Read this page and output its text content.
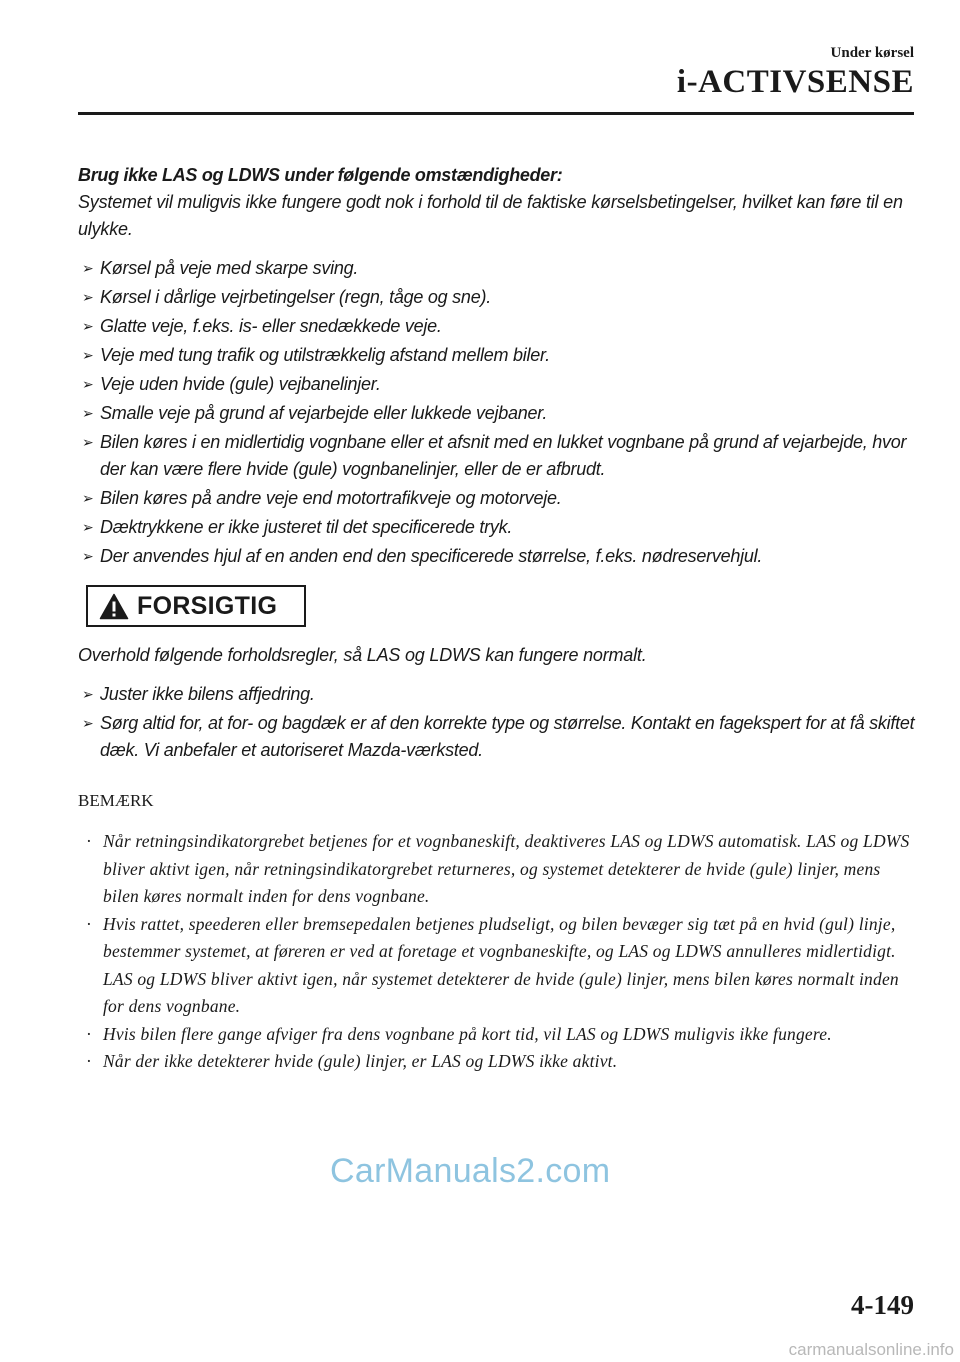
Under kørsel
i-ACTIVSENSE
Brug ikke LAS og LDWS under følgende omstændigheder:
Systemet vil muligvis ikke fungere godt nok i forhold til de faktiske kørselsbetingelser, hvilket kan føre til en ulykke.
➢ Kørsel på veje med skarpe sving.
➢ Kørsel i dårlige vejrbetingelser (regn, tåge og sne).
➢ Glatte veje, f.eks. is- eller snedækkede veje.
➢ Veje med tung trafik og utilstrækkelig afstand mellem biler.
➢ Veje uden hvide (gule) vejbanelinjer.
➢ Smalle veje på grund af vejarbejde eller lukkede vejbaner.
➢ Bilen køres i en midlertidig vognbane eller et afsnit med en lukket vognbane på grund af vejarbejde, hvor der kan være flere hvide (gule) vognbanelinjer, eller de er afbrudt.
➢ Bilen køres på andre veje end motortrafikveje og motorveje.
➢ Dæktrykkene er ikke justeret til det specificerede tryk.
➢ Der anvendes hjul af en anden end den specificerede størrelse, f.eks. nødreservehjul.
FORSIGTIG
Overhold følgende forholdsregler, så LAS og LDWS kan fungere normalt.
➢ Juster ikke bilens affjedring.
➢ Sørg altid for, at for- og bagdæk er af den korrekte type og størrelse. Kontakt en fagekspert for at få skiftet dæk. Vi anbefaler et autoriseret Mazda-værksted.
BEMÆRK
· Når retningsindikatorgrebet betjenes for et vognbaneskift, deaktiveres LAS og LDWS automatisk. LAS og LDWS bliver aktivt igen, når retningsindikatorgrebet returneres, og systemet detekterer de hvide (gule) linjer, mens bilen køres normalt inden for dens vognbane.
· Hvis rattet, speederen eller bremsepedalen betjenes pludseligt, og bilen bevæger sig tæt på en hvid (gul) linje, bestemmer systemet, at føreren er ved at foretage et vognbaneskifte, og LAS og LDWS annulleres midlertidigt. LAS og LDWS bliver aktivt igen, når systemet detekterer de hvide (gule) linjer, mens bilen køres normalt inden for dens vognbane.
· Hvis bilen flere gange afviger fra dens vognbane på kort tid, vil LAS og LDWS muligvis ikke fungere.
· Når der ikke detekterer hvide (gule) linjer, er LAS og LDWS ikke aktivt.
CarManuals2.com
4-149
carmanualsonline.info
